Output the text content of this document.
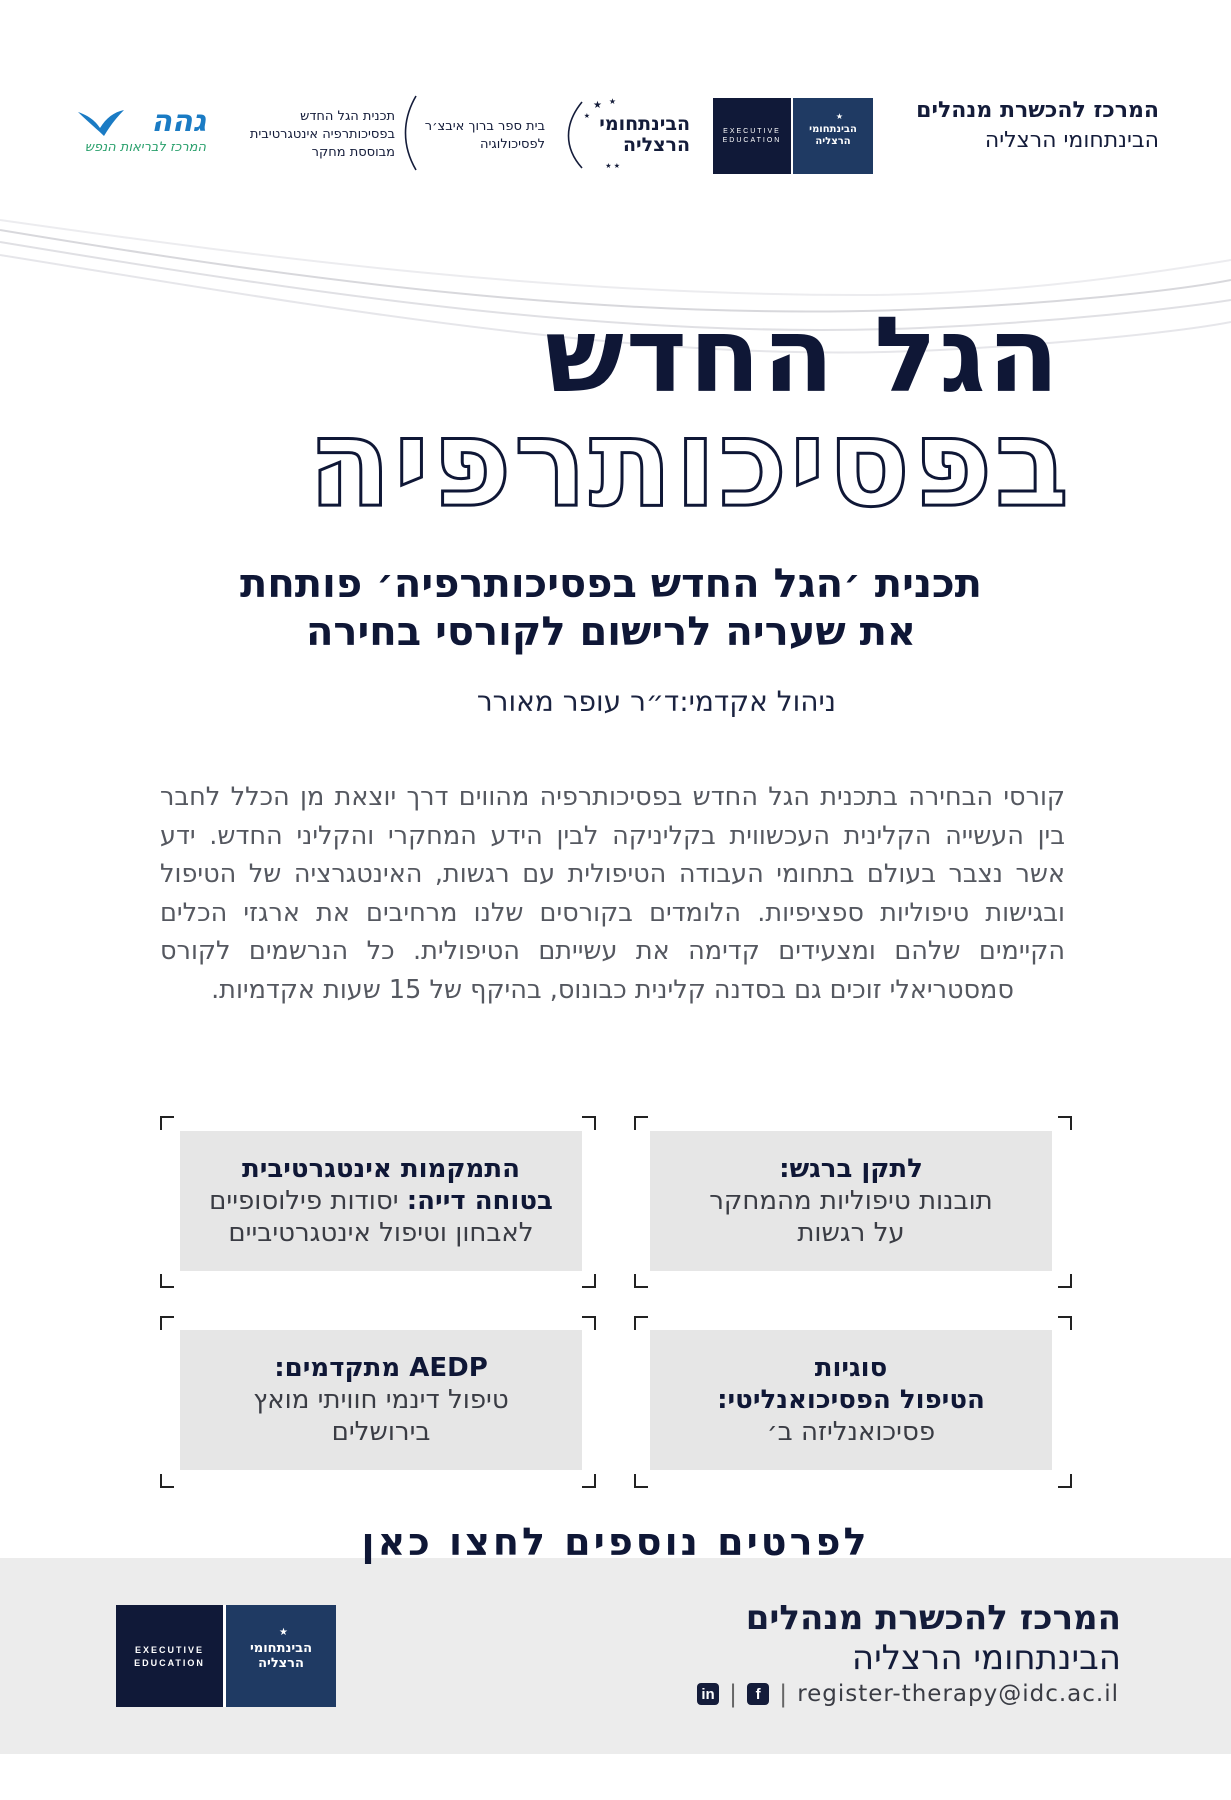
המרכז להכשרת מנהלים
הבינתחומי הרצליה
EXECUTIVE
EDUCATION
★
הבינתחומי
הרצליה
★ ★
★
★ ★
הבינתחומי
הרצליה
בית ספר ברוך איבצ׳ר
לפסיכולוגיה
תכנית הגל החדש
בפסיכותרפיה אינטגרטיבית
מבוססת מחקר
גהה
המרכז לבריאות הנפש
הגל החדש
בפסיכותרפיה
תכנית ׳הגל החדש בפסיכותרפיה׳ פותחת
את שעריה לרישום לקורסי בחירה
ניהול אקדמי:ד״ר עופר מאורר
קורסי הבחירה בתכנית הגל החדש בפסיכותרפיה מהווים דרך יוצאת מן הכלל לחבר בין העשייה הקלינית העכשווית בקליניקה לבין הידע המחקרי והקליני החדש. ידע אשר נצבר בעולם בתחומי העבודה הטיפולית עם רגשות, האינטגרציה של הטיפול ובגישות טיפוליות ספציפיות. הלומדים בקורסים שלנו מרחיבים את ארגזי הכלים הקיימים שלהם ומצעידים קדימה את עשייתם הטיפולית. כל הנרשמים לקורס סמסטריאלי זוכים גם בסדנה קלינית כבונוס, בהיקף של 15 שעות אקדמיות.
לתקן ברגש:
תובנות טיפוליות מהמחקר
על רגשות
התמקמות אינטגרטיבית
בטוחה דייה: יסודות פילוסופיים
לאבחון וטיפול אינטגרטיביים
סוגיות
הטיפול הפסיכואנליטי:
פסיכואנליזה ב׳
AEDP מתקדמים:
טיפול דינמי חוויתי מואץ
בירושלים
לפרטים נוספים לחצו כאן
EXECUTIVE
EDUCATION
★
הבינתחומי
הרצליה
המרכז להכשרת מנהלים
הבינתחומי הרצליה
in |	f | register-therapy@idc.ac.il
